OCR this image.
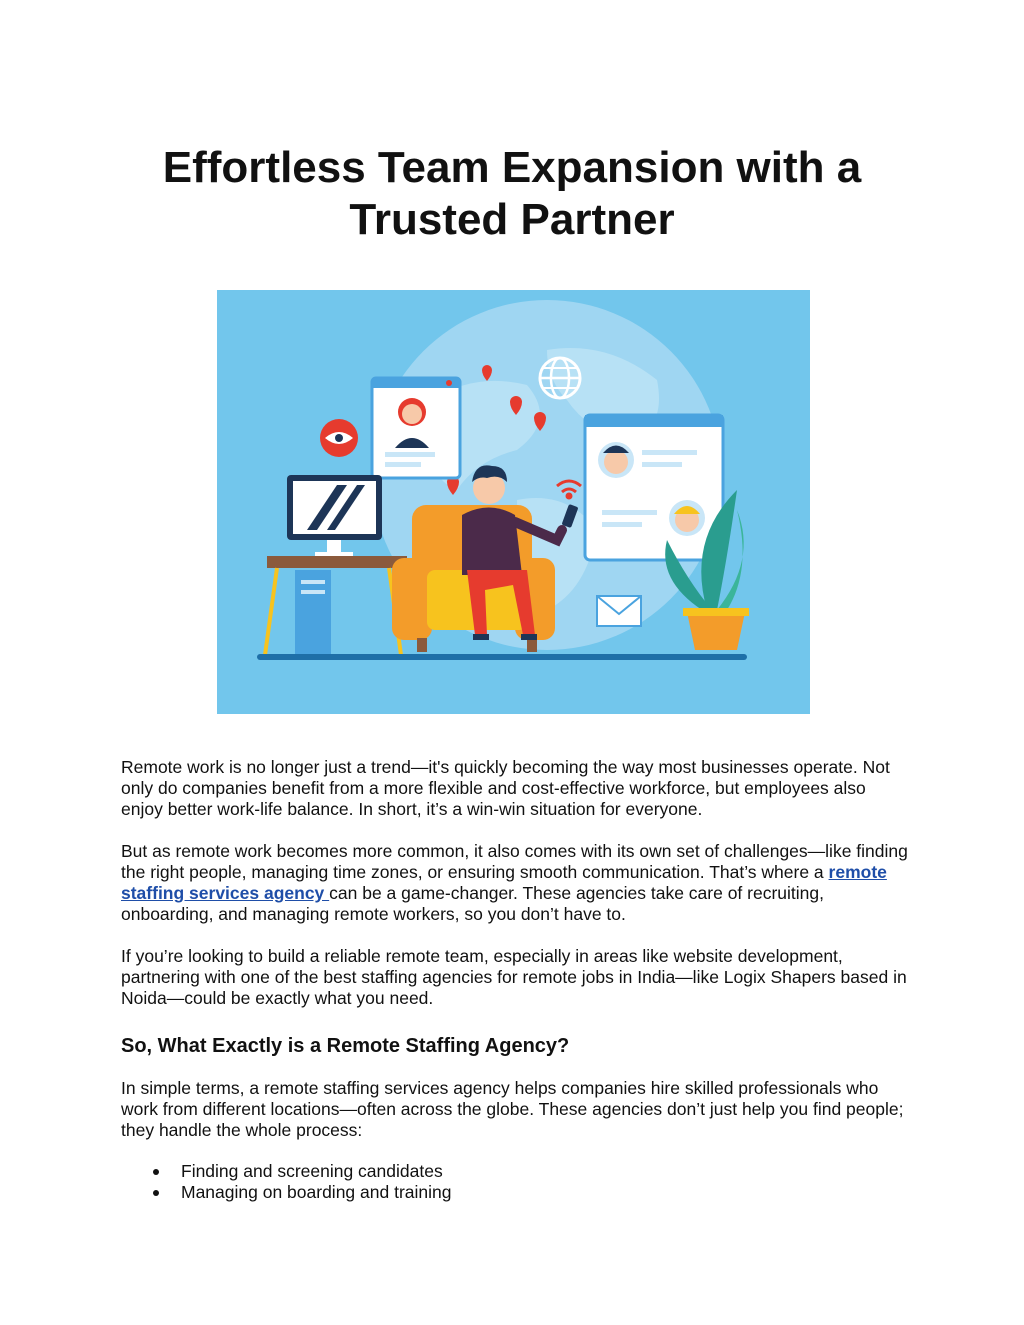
Effortless Team Expansion with a Trusted Partner

Remote work is no longer just a trend—it's quickly becoming the way most businesses operate. Not only do companies benefit from a more flexible and cost-effective workforce, but employees also enjoy better work-life balance. In short, it’s a win-win situation for everyone.

But as remote work becomes more common, it also comes with its own set of challenges—like finding the right people, managing time zones, or ensuring smooth communication. That’s where a remote staffing services agency can be a game-changer. These agencies take care of recruiting, onboarding, and managing remote workers, so you don’t have to.

If you’re looking to build a reliable remote team, especially in areas like website development, partnering with one of the best staffing agencies for remote jobs in India—like Logix Shapers based in Noida—could be exactly what you need.

So, What Exactly is a Remote Staffing Agency?

In simple terms, a remote staffing services agency helps companies hire skilled professionals who work from different locations—often across the globe. These agencies don’t just help you find people; they handle the whole process:

Finding and screening candidates
Managing on boarding and training
